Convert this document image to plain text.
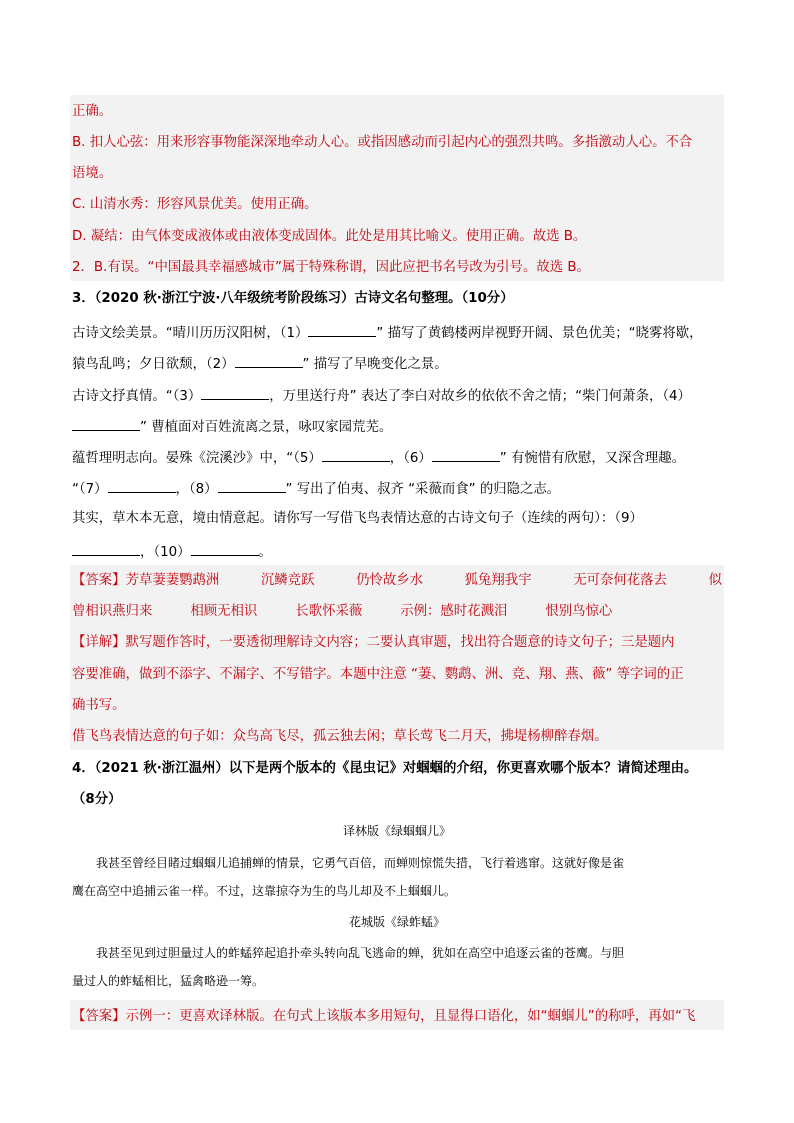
正确。
B. 扣人心弦：用来形容事物能深深地牵动人心。或指因感动而引起内心的强烈共鸣。多指激动人心。不合
语境。
C. 山清水秀：形容风景优美。使用正确。
D. 凝结：由气体变成液体或由液体变成固体。此处是用其比喻义。使用正确。故选 B。
2．B.有误。“中国最具幸福感城市”属于特殊称谓，因此应把书名号改为引号。故选 B。
3．（2020 秋·浙江宁波·八年级统考阶段练习）古诗文名句整理。（10分）
古诗文绘美景。“晴川历历汉阳树，（1）	” 描写了黄鹤楼两岸视野开阔、景色优美；“晓雾将歇，
猿鸟乱鸣；夕日欲颓，（2）	” 描写了早晚变化之景。
古诗文抒真情。“（3）	，万里送行舟” 表达了李白对故乡的依依不舍之情；“柴门何萧条，（4）
” 曹植面对百姓流离之景，咏叹家园荒芜。
蕴哲理明志向。晏殊《浣溪沙》中，“（5）	，（6）	” 有惋惜有欣慰，又深含理趣。
“（7）	，（8）	” 写出了伯夷、叔齐 “采薇而食” 的归隐之志。
其实，草木本无意，境由情意起。请你写一写借飞鸟表情达意的古诗文句子（连续的两句）：（9）
，（10）	。
【答案】芳草萋萋鹦鹉洲	沉鳞竞跃	仍怜故乡水	狐兔翔我宇	无可奈何花落去	似
曾相识燕归来	相顾无相识	长歌怀采薇	示例：感时花溅泪	恨别鸟惊心
【详解】默写题作答时，一要透彻理解诗文内容；二要认真审题，找出符合题意的诗文句子；三是题内
容要准确，做到不添字、不漏字、不写错字。本题中注意 “萋、鹦鹉、洲、竞、翔、燕、薇” 等字词的正
确书写。
借飞鸟表情达意的句子如：众鸟高飞尽，孤云独去闲；草长莺飞二月天，拂堤杨柳醉春烟。
4．（2021 秋·浙江温州）以下是两个版本的《昆虫记》对蝈蝈的介绍，你更喜欢哪个版本？请简述理由。
（8分）
译林版《绿蝈蝈儿》
我甚至曾经目睹过蝈蝈儿追捕蝉的情景，它勇气百倍，而蝉则惊慌失措，飞行着逃窜。这就好像是雀
鹰在高空中追捕云雀一样。不过，这靠掠夺为生的鸟儿却及不上蝈蝈儿。
花城版《绿蚱蜢》
我甚至见到过胆量过人的蚱蜢猝起追扑牵头转向乱飞逃命的蝉，犹如在高空中追逐云雀的苍鹰。与胆
量过人的蚱蜢相比，猛禽略逊一筹。
【答案】示例一：更喜欢译林版。在句式上该版本多用短句，且显得口语化，如“蝈蝈儿”的称呼，再如“飞
